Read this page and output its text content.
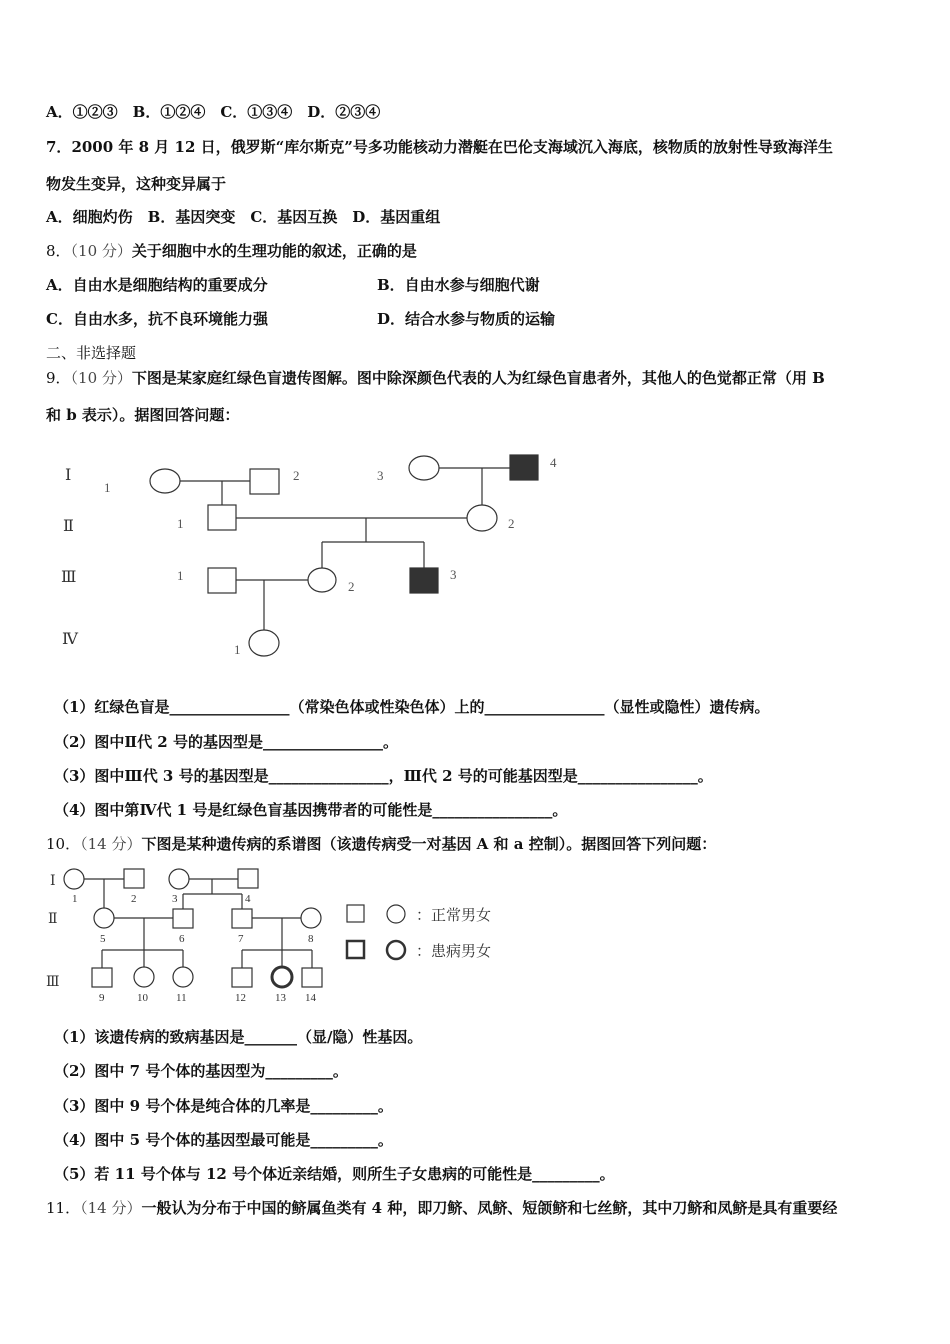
A．①②③　B．①②④　C．①③④　D．②③④
7．2000 年 8 月 12 日，俄罗斯“库尔斯克”号多功能核动力潜艇在巴伦支海域沉入海底，核物质的放射性导致海洋生
物发生变异，这种变异属于
A．细胞灼伤　B．基因突变　C．基因互换　D．基因重组
8．（10 分）关于细胞中水的生理功能的叙述，正确的是
A．自由水是细胞结构的重要成分	B．自由水参与细胞代谢
C．自由水多，抗不良环境能力强	D．结合水参与物质的运输
二、非选择题
9．（10 分）下图是某家庭红绿色盲遗传图解。图中除深颜色代表的人为红绿色盲患者外，其他人的色觉都正常（用 B
和 b 表示）。据图回答问题：
Ⅰ
Ⅱ
Ⅲ
Ⅳ
1
2	3
4
1	2
1
2
3
1
（1）红绿色盲是________________（常染色体或性染色体）上的________________（显性或隐性）遗传病。
（2）图中Ⅱ代 2 号的基因型是________________。
（3）图中Ⅲ代 3 号的基因型是________________，Ⅲ代 2 号的可能基因型是________________。
（4）图中第Ⅳ代 1 号是红绿色盲基因携带者的可能性是________________。
10．（14 分）下图是某种遗传病的系谱图（该遗传病受一对基因 A 和 a 控制）。据图回答下列问题：
Ⅰ
Ⅱ
Ⅲ
1	2	3	4
5	6	7	8
9	10	11	12	13 14
：正常男女
：患病男女
（1）该遗传病的致病基因是_______（显/隐）性基因。
（2）图中 7 号个体的基因型为_________。
（3）图中 9 号个体是纯合体的几率是_________。
（4）图中 5 号个体的基因型最可能是_________。
（5）若 11 号个体与 12 号个体近亲结婚，则所生子女患病的可能性是_________。
11．（14 分）一般认为分布于中国的鲚属鱼类有 4 种，即刀鲚、凤鲚、短颌鲚和七丝鲚，其中刀鲚和凤鲚是具有重要经
